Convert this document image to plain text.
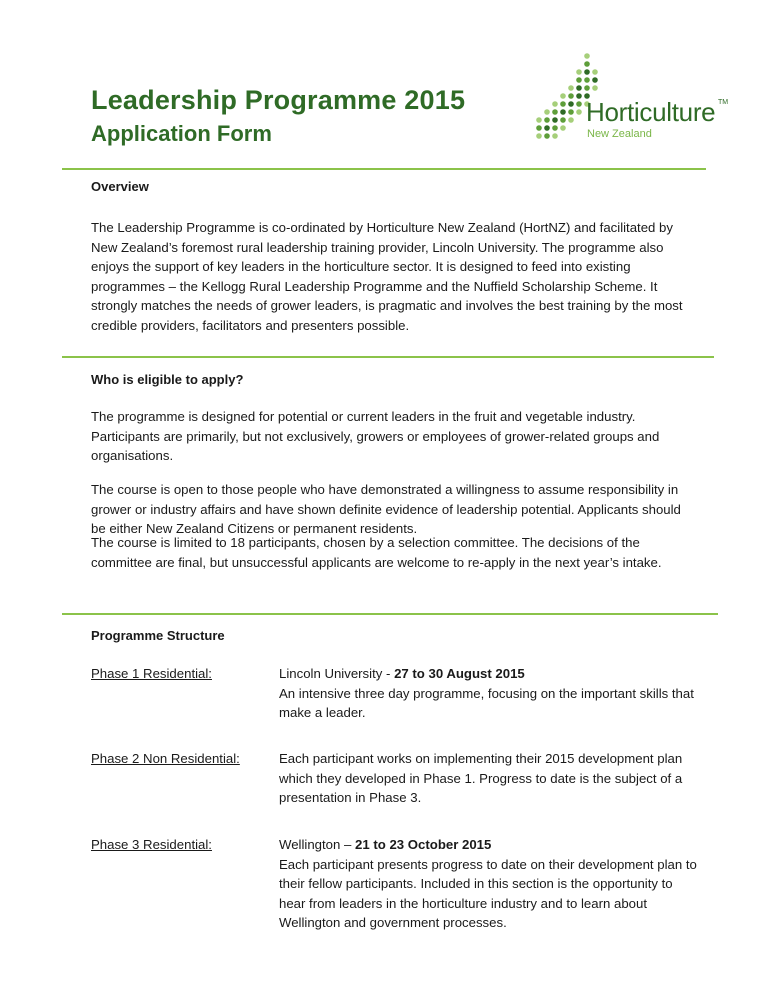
Leadership Programme 2015
Application Form
Horticulture TM
New Zealand

Overview

The Leadership Programme is co-ordinated by Horticulture New Zealand (HortNZ) and facilitated by New Zealand’s foremost rural leadership training provider, Lincoln University. The programme also enjoys the support of key leaders in the horticulture sector. It is designed to feed into existing programmes – the Kellogg Rural Leadership Programme and the Nuffield Scholarship Scheme. It strongly matches the needs of grower leaders, is pragmatic and involves the best training by the most credible providers, facilitators and presenters possible.

Who is eligible to apply?

The programme is designed for potential or current leaders in the fruit and vegetable industry. Participants are primarily, but not exclusively, growers or employees of grower-related groups and organisations.

The course is open to those people who have demonstrated a willingness to assume responsibility in grower or industry affairs and have shown definite evidence of leadership potential. Applicants should be either New Zealand Citizens or permanent residents.

The course is limited to 18 participants, chosen by a selection committee. The decisions of the committee are final, but unsuccessful applicants are welcome to re-apply in the next year’s intake.

Programme Structure

Phase 1 Residential:	Lincoln University - 27 to 30 August 2015
An intensive three day programme, focusing on the important skills that make a leader.

Phase 2 Non Residential:	Each participant works on implementing their 2015 development plan which they developed in Phase 1. Progress to date is the subject of a presentation in Phase 3.

Phase 3 Residential:	Wellington – 21 to 23 October 2015
Each participant presents progress to date on their development plan to their fellow participants. Included in this section is the opportunity to hear from leaders in the horticulture industry and to learn about Wellington and government processes.
